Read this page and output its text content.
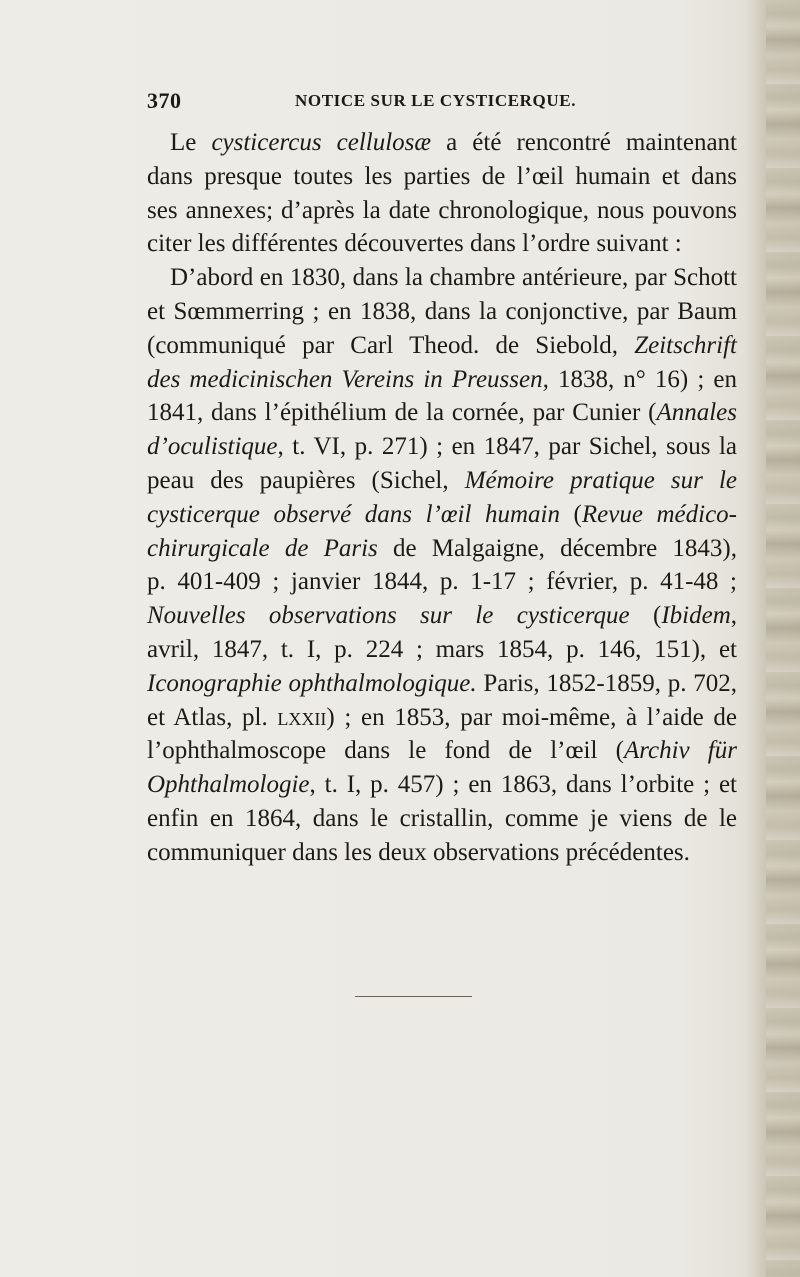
370	NOTICE SUR LE CYSTICERQUE.
Le cysticercus cellulosæ a été rencontré maintenant
dans presque toutes les parties de l’œil humain et dans
ses annexes; d’après la date chronologique, nous pouvons
citer les différentes découvertes dans l’ordre suivant :
D’abord en 1830, dans la chambre antérieure, par Schott
et Sœmmerring ; en 1838, dans la conjonctive, par Baum
(communiqué par Carl Theod. de Siebold, Zeitschrift
des medicinischen Vereins in Preussen, 1838, n° 16) ; en
1841, dans l’épithélium de la cornée, par Cunier (Annales
d’oculistique, t. VI, p. 271) ; en 1847, par Sichel, sous la
peau des paupières (Sichel, Mémoire pratique sur le
cysticerque observé dans l’œil humain (Revue médico-
chirurgicale de Paris de Malgaigne, décembre 1843),
p. 401-409 ; janvier 1844, p. 1-17 ; février, p. 41-48 ;
Nouvelles observations sur le cysticerque (Ibidem,
avril, 1847, t. I, p. 224 ; mars 1854, p. 146, 151), et
Iconographie ophthalmologique. Paris, 1852-1859, p. 702,
et Atlas, pl. lxxii) ; en 1853, par moi-même, à l’aide de
l’ophthalmoscope dans le fond de l’œil (Archiv für
Ophthalmologie, t. I, p. 457) ; en 1863, dans l’orbite ; et
enfin en 1864, dans le cristallin, comme je viens de le
communiquer dans les deux observations précédentes.
